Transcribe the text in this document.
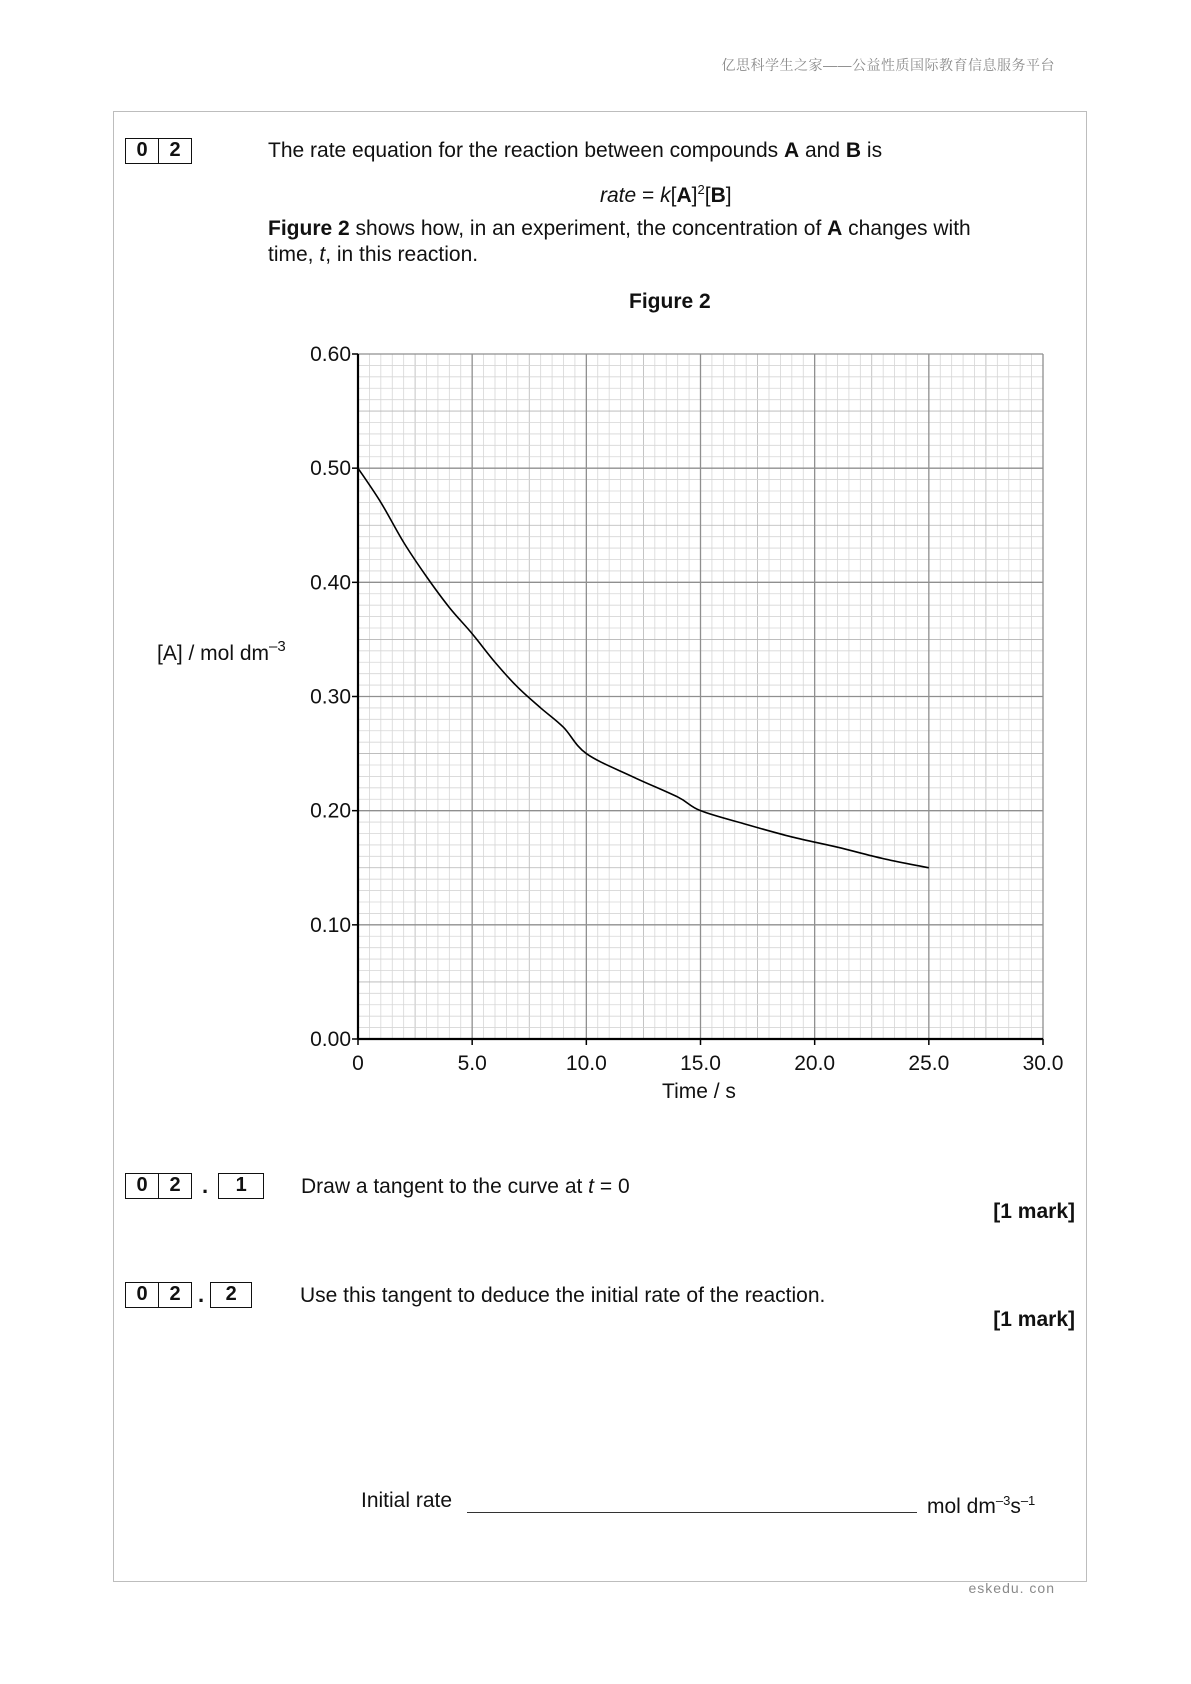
亿思科学生之家——公益性质国际教育信息服务平台
0	2	The rate equation for the reaction between compounds A and B is
rate = $k[A]^2[B]$
Figure 2 shows how, in an experiment, the concentration of A changes with
time, t, in this reaction.
Figure 2
0	5.0	10.0	15.0	20.0	25.0	30.0
0.00
0.10
0.20
0.30
0.40
0.50
0.60
Time / s
[A] / mol $dm^{-3}$
0	2 .	1	Draw a tangent to the curve at t = 0
[1 mark]
0	2 .	2	Use this tangent to deduce the initial rate of the reaction.
[1 mark]
Initial rate	mol $dm^{-3}s^{-1}$
eskedu. con
